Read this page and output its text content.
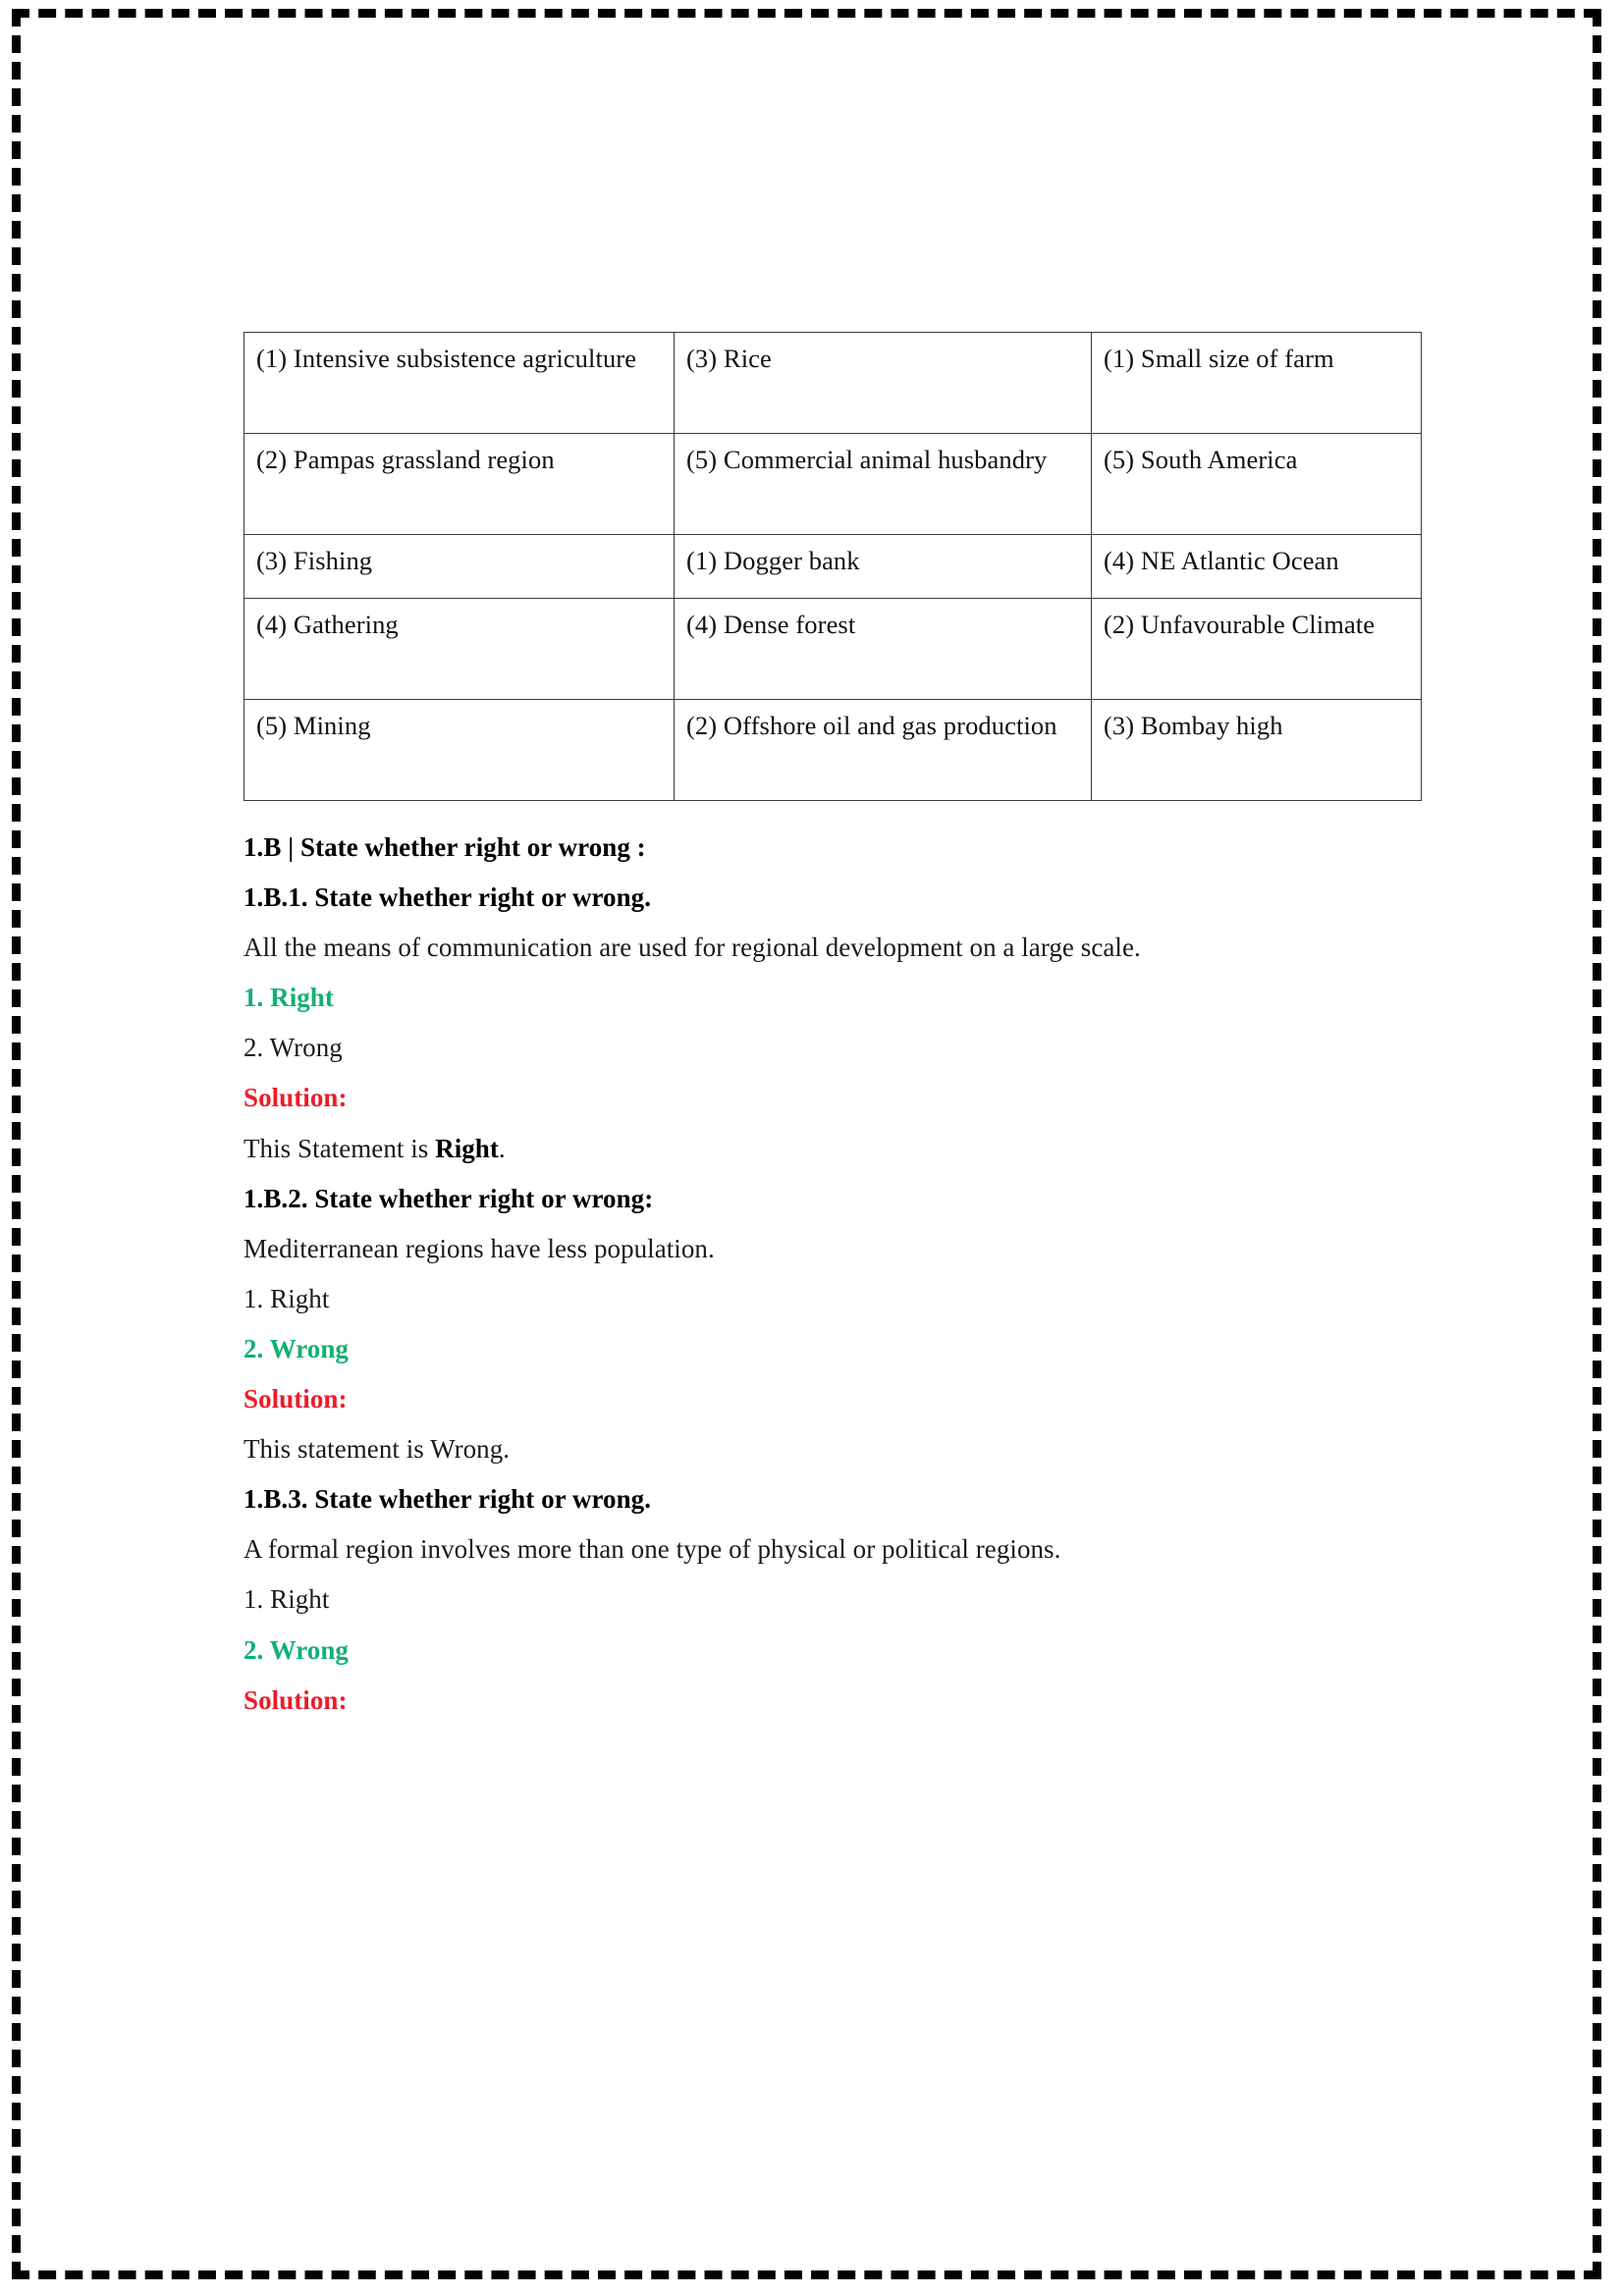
(1) Intensive subsistence agriculture	(3) Rice	(1) Small size of farm
(2) Pampas grassland region	(5) Commercial animal husbandry	(5) South America
(3) Fishing	(1) Dogger bank	(4) NE Atlantic Ocean
(4) Gathering	(4) Dense forest	(2) Unfavourable Climate
(5) Mining	(2) Offshore oil and gas production	(3) Bombay high

1.B | State whether right or wrong :

1.B.1. State whether right or wrong.

All the means of communication are used for regional development on a large scale.

1. Right

2. Wrong

Solution:

This Statement is Right.

1.B.2. State whether right or wrong:

Mediterranean regions have less population.

1. Right

2. Wrong

Solution:

This statement is Wrong.

1.B.3. State whether right or wrong.

A formal region involves more than one type of physical or political regions.

1. Right

2. Wrong

Solution:
